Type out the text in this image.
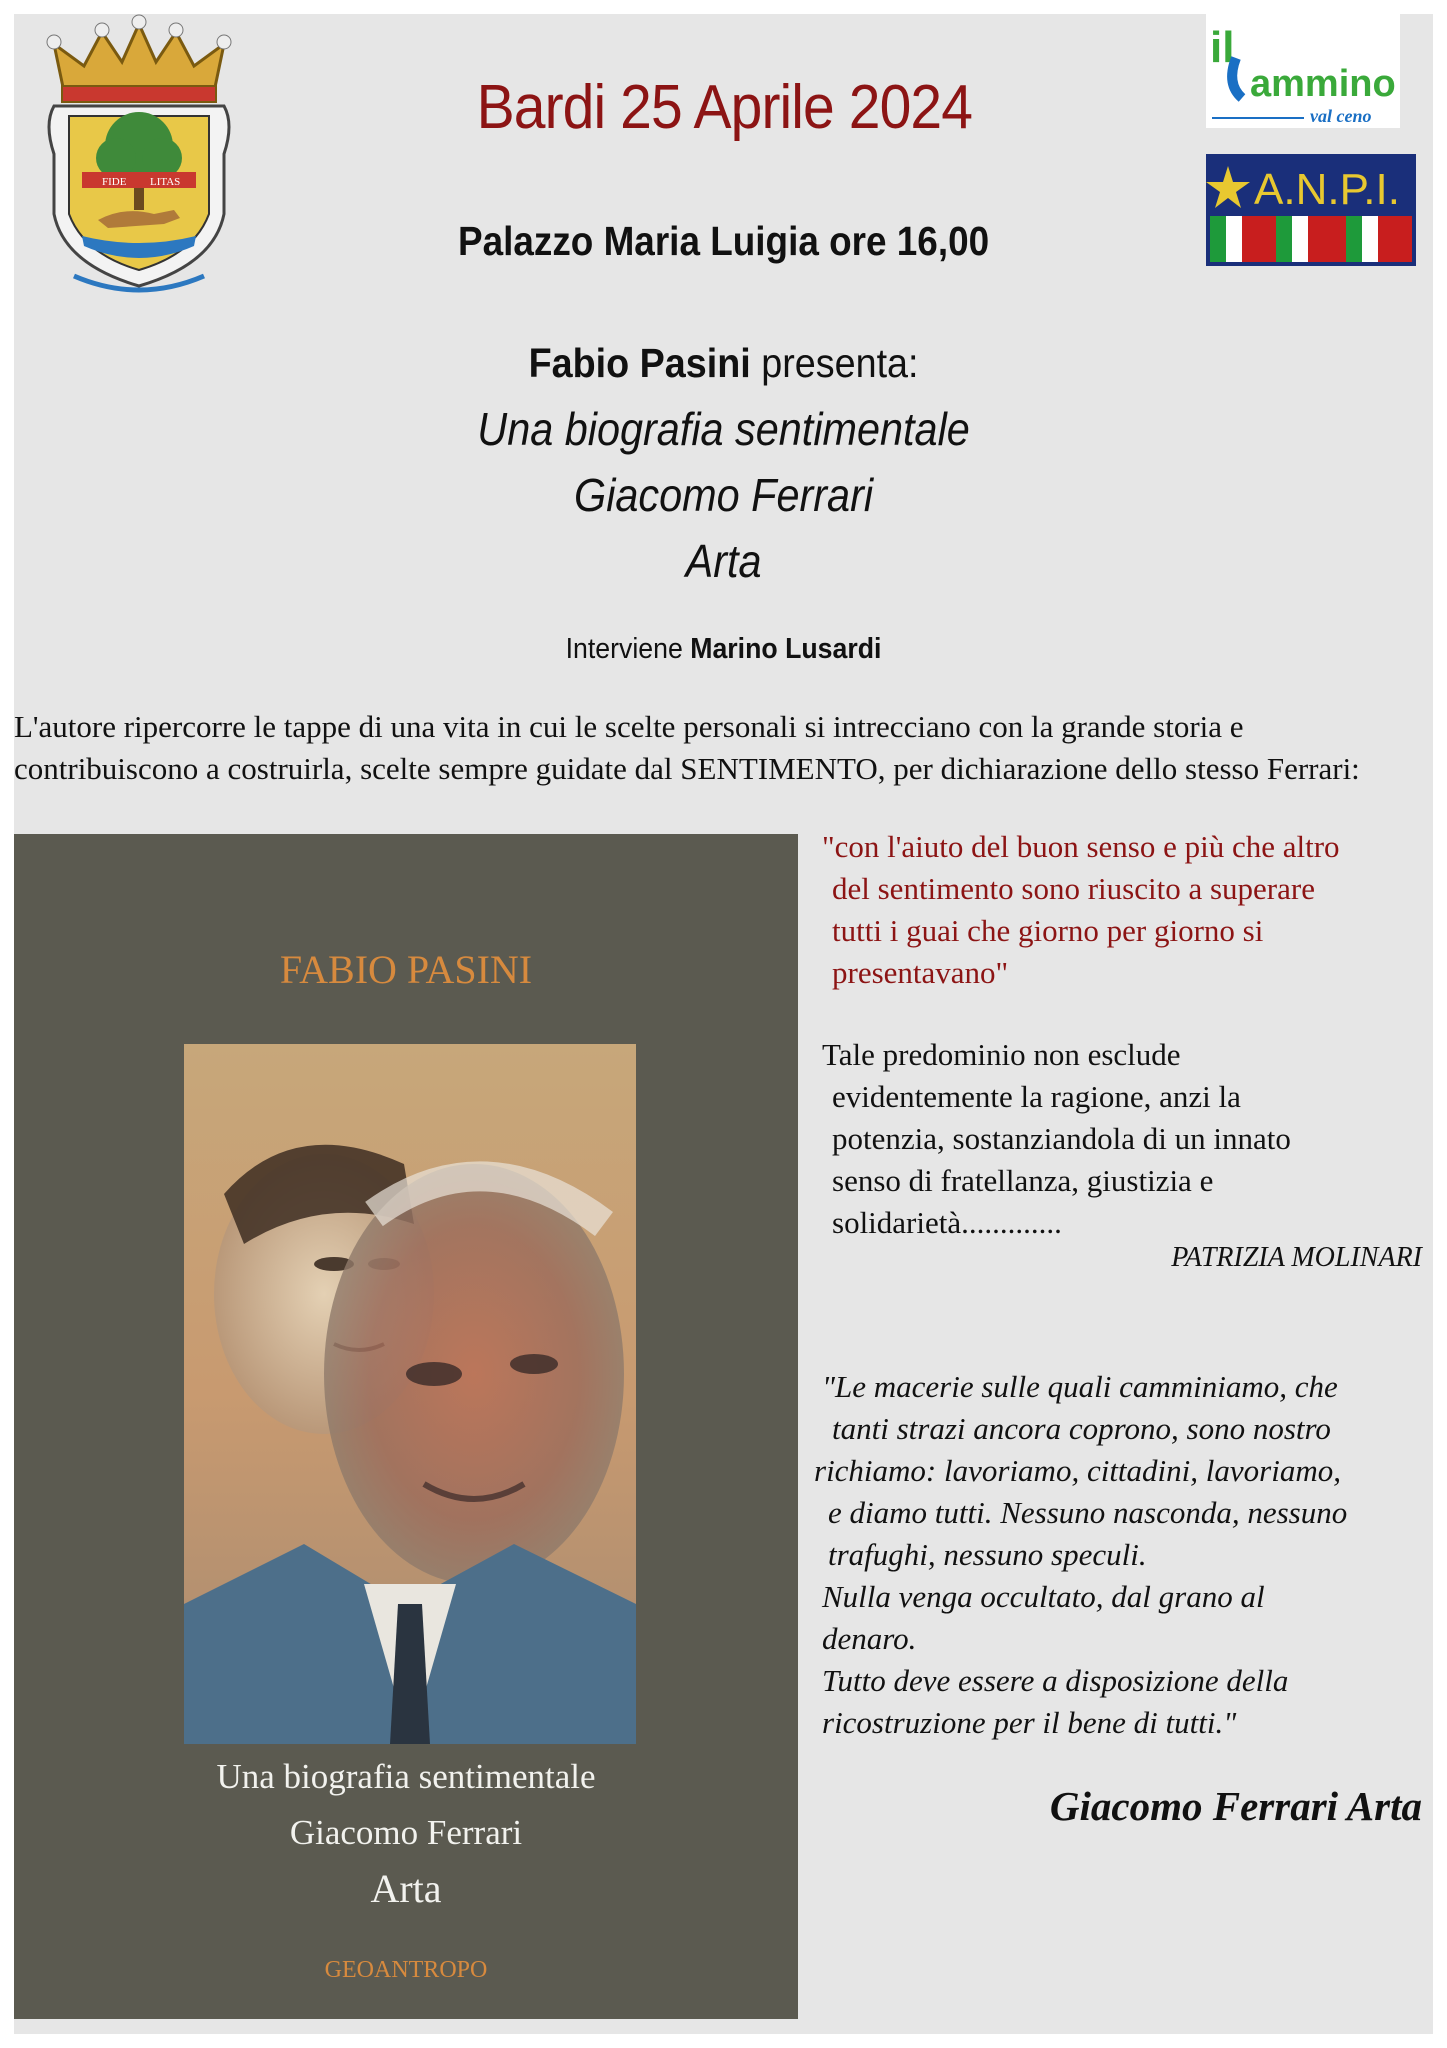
FIDE LITAS
il
ammino
val ceno
A.N.P.I.
Bardi 25 Aprile 2024
Palazzo Maria Luigia ore 16,00
Fabio Pasini presenta:
Una biografia sentimentale
Giacomo Ferrari
Arta
Interviene Marino Lusardi
L'autore ripercorre le tappe di una vita in cui le scelte personali si intrecciano con la grande storia e contribuiscono a costruirla, scelte sempre guidate dal SENTIMENTO, per dichiarazione dello stesso Ferrari:
FABIO PASINI
Una biografia sentimentale
Giacomo Ferrari
Arta
GEOANTROPO
"con l'aiuto del buon senso e più che altro
del sentimento sono riuscito a superare
tutti i guai che giorno per giorno si
presentavano"
Tale predominio non esclude
evidentemente la ragione, anzi la
potenzia, sostanziandola di un innato
senso di fratellanza, giustizia e
solidarietà.............
PATRIZIA MOLINARI
"Le macerie sulle quali camminiamo, che
tanti strazi ancora coprono, sono nostro
richiamo: lavoriamo, cittadini, lavoriamo,
e diamo tutti. Nessuno nasconda, nessuno
trafughi, nessuno speculi.
Nulla venga occultato, dal grano al
denaro.
Tutto deve essere a disposizione della
ricostruzione per il bene di tutti."
Giacomo Ferrari Arta
